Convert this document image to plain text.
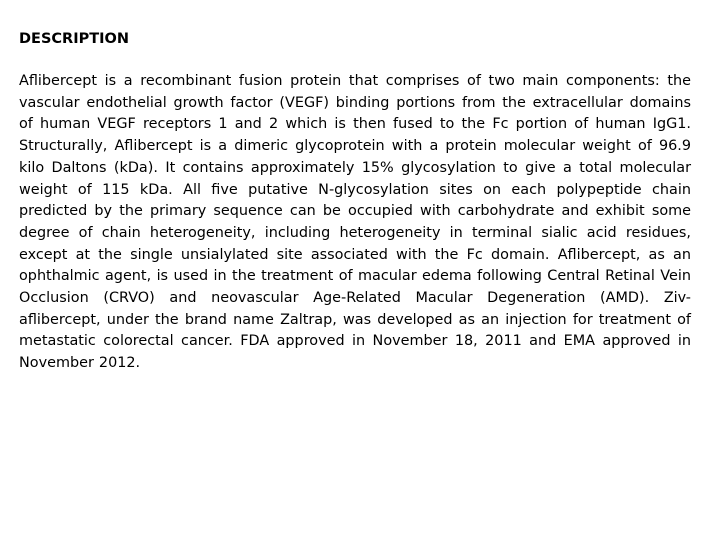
DESCRIPTION

Aflibercept is a recombinant fusion protein that comprises of two main components: the vascular endothelial growth factor (VEGF) binding portions from the extracellular domains of human VEGF receptors 1 and 2 which is then fused to the Fc portion of human IgG1. Structurally, Aflibercept is a dimeric glycoprotein with a protein molecular weight of 96.9 kilo Daltons (kDa). It contains approximately 15% glycosylation to give a total molecular weight of 115 kDa. All five putative N-glycosylation sites on each polypeptide chain predicted by the primary sequence can be occupied with carbohydrate and exhibit some degree of chain heterogeneity, including heterogeneity in terminal sialic acid residues, except at the single unsialylated site associated with the Fc domain. Aflibercept, as an ophthalmic agent, is used in the treatment of macular edema following Central Retinal Vein Occlusion (CRVO) and neovascular Age-Related Macular Degeneration (AMD). Ziv-aflibercept, under the brand name Zaltrap, was developed as an injection for treatment of metastatic colorectal cancer. FDA approved in November 18, 2011 and EMA approved in November 2012.
